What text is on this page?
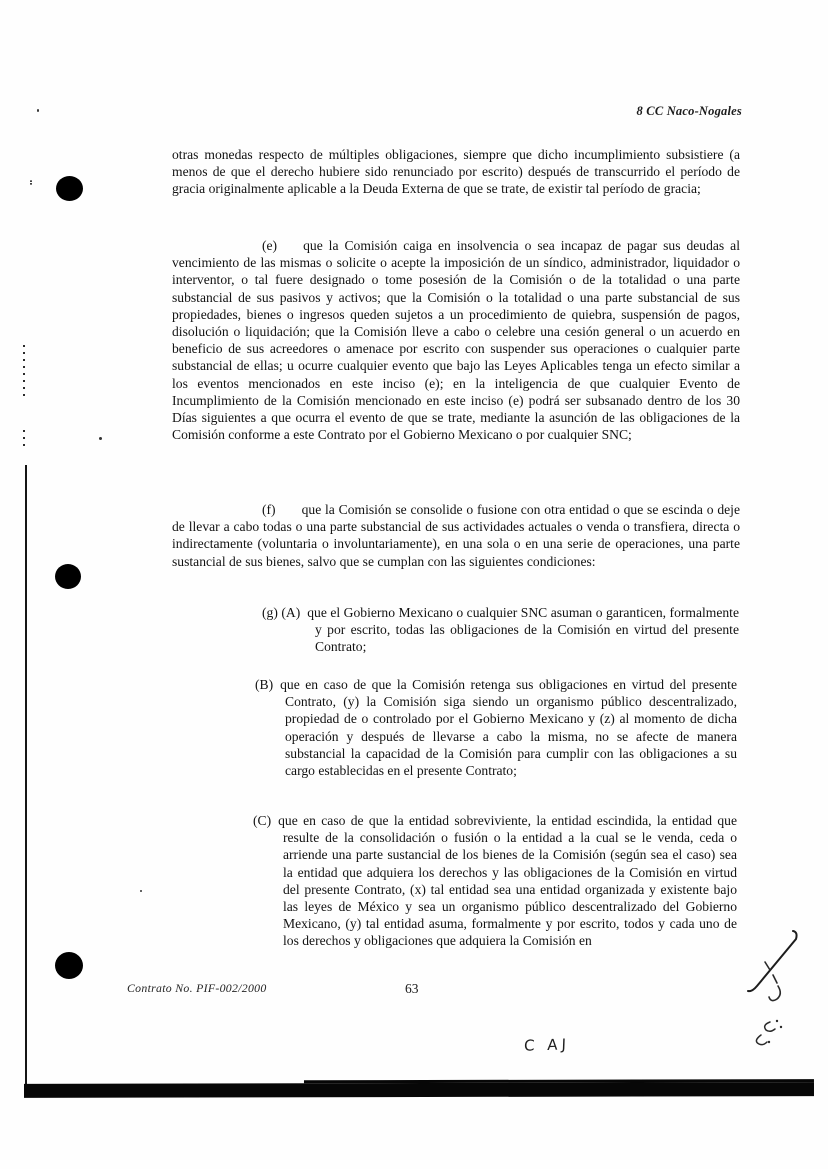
8 CC Naco-Nogales
otras monedas respecto de múltiples obligaciones, siempre que dicho incumplimiento subsistiere (a menos de que el derecho hubiere sido renunciado por escrito) después de transcurrido el período de gracia originalmente aplicable a la Deuda Externa de que se trate, de existir tal período de gracia;
(e) que la Comisión caiga en insolvencia o sea incapaz de pagar sus deudas al vencimiento de las mismas o solicite o acepte la imposición de un síndico, administrador, liquidador o interventor, o tal fuere designado o tome posesión de la Comisión o de la totalidad o una parte substancial de sus pasivos y activos; que la Comisión o la totalidad o una parte substancial de sus propiedades, bienes o ingresos queden sujetos a un procedimiento de quiebra, suspensión de pagos, disolución o liquidación; que la Comisión lleve a cabo o celebre una cesión general o un acuerdo en beneficio de sus acreedores o amenace por escrito con suspender sus operaciones o cualquier parte substancial de ellas; u ocurre cualquier evento que bajo las Leyes Aplicables tenga un efecto similar a los eventos mencionados en este inciso (e); en la inteligencia de que cualquier Evento de Incumplimiento de la Comisión mencionado en este inciso (e) podrá ser subsanado dentro de los 30 Días siguientes a que ocurra el evento de que se trate, mediante la asunción de las obligaciones de la Comisión conforme a este Contrato por el Gobierno Mexicano o por cualquier SNC;
(f) que la Comisión se consolide o fusione con otra entidad o que se escinda o deje de llevar a cabo todas o una parte substancial de sus actividades actuales o venda o transfiera, directa o indirectamente (voluntaria o involuntariamente), en una sola o en una serie de operaciones, una parte sustancial de sus bienes, salvo que se cumplan con las siguientes condiciones:
(g) (A) que el Gobierno Mexicano o cualquier SNC asuman o garanticen, formalmente y por escrito, todas las obligaciones de la Comisión en virtud del presente Contrato;
(B) que en caso de que la Comisión retenga sus obligaciones en virtud del presente Contrato, (y) la Comisión siga siendo un organismo público descentralizado, propiedad de o controlado por el Gobierno Mexicano y (z) al momento de dicha operación y después de llevarse a cabo la misma, no se afecte de manera substancial la capacidad de la Comisión para cumplir con las obligaciones a su cargo establecidas en el presente Contrato;
(C) que en caso de que la entidad sobreviviente, la entidad escindida, la entidad que resulte de la consolidación o fusión o la entidad a la cual se le venda, ceda o arriende una parte sustancial de los bienes de la Comisión (según sea el caso) sea la entidad que adquiera los derechos y las obligaciones de la Comisión en virtud del presente Contrato, (x) tal entidad sea una entidad organizada y existente bajo las leyes de México y sea un organismo público descentralizado del Gobierno Mexicano, (y) tal entidad asuma, formalmente y por escrito, todos y cada uno de los derechos y obligaciones que adquiera la Comisión en
Contrato No. PIF-002/2000	63
C AJ
